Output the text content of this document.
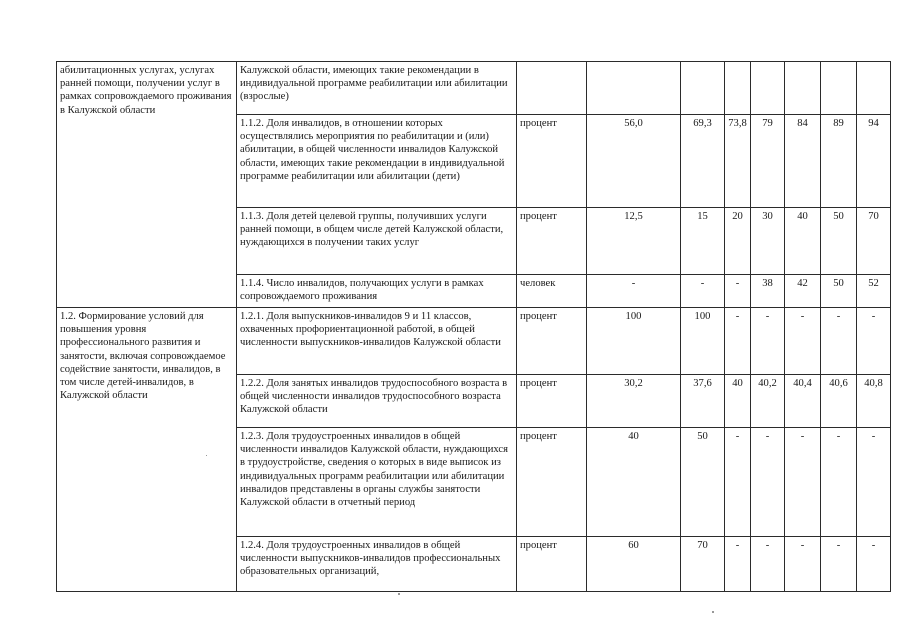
абилитационных услугах, услугах ранней помощи, получении услуг в рамках сопровождаемого проживания в Калужской области	Калужской области, имеющих такие рекомендации в индивидуальной программе реабилитации или абилитации (взрослые)								
	1.1.2. Доля инвалидов, в отношении которых осуществлялись мероприятия по реабилитации и (или) абилитации, в общей численности инвалидов Калужской области, имеющих такие рекомендации в индивидуальной программе реабилитации или абилитации (дети)	процент	56,0	69,3	73,8	79	84	89	94
	1.1.3. Доля детей целевой группы, получивших услуги ранней помощи, в общем числе детей Калужской области, нуждающихся в получении таких услуг	процент	12,5	15	20	30	40	50	70
	1.1.4. Число инвалидов, получающих услуги в рамках сопровождаемого проживания	человек	-	-	-	38	42	50	52
1.2. Формирование условий для повышения уровня профессионального развития и занятости, включая сопровождаемое содействие занятости, инвалидов, в том числе детей-инвалидов, в Калужской области	1.2.1. Доля выпускников-инвалидов 9 и 11 классов, охваченных профориентационной работой, в общей численности выпускников-инвалидов Калужской области	процент	100	100	-	-	-	-	-
	1.2.2. Доля занятых инвалидов трудоспособного возраста в общей численности инвалидов трудоспособного возраста Калужской области	процент	30,2	37,6	40	40,2	40,4	40,6	40,8
	1.2.3. Доля трудоустроенных инвалидов в общей численности инвалидов Калужской области, нуждающихся в трудоустройстве, сведения о которых в виде выписок из индивидуальных программ реабилитации или абилитации инвалидов представлены в органы службы занятости Калужской области в отчетный период	процент	40	50	-	-	-	-	-
	1.2.4. Доля трудоустроенных инвалидов в общей численности выпускников-инвалидов профессиональных образовательных организаций,	процент	60	70	-	-	-	-	-
